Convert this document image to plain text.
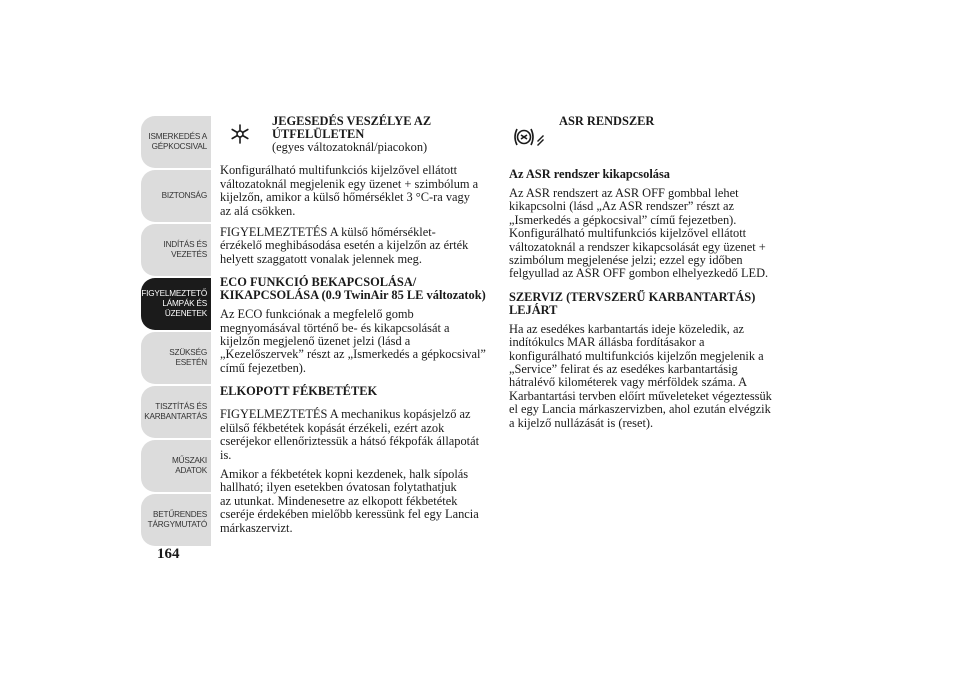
ISMERKEDÉS A
GÉPKOCSIVAL
BIZTONSÁG
INDÍTÁS ÉS
VEZETÉS
FIGYELMEZTETŐ
LÁMPÁK ÉS
ÜZENETEK
SZÜKSÉG ESETÉN
TISZTÍTÁS ÉS
KARBANTARTÁS
MŰSZAKI ADATOK
BETŰRENDES
TÁRGYMUTATÓ
164

JEGESEDÉS VESZÉLYE AZ
ÚTFELÜLETEN

(egyes változatoknál/piacokon)

Konfigurálható multifunkciós kijelzővel ellátott
változatoknál megjelenik egy üzenet + szimbólum a
kijelzőn, amikor a külső hőmérséklet 3 °C-ra vagy
az alá csökken.

FIGYELMEZTETÉS A külső hőmérséklet-
érzékelő meghibásodása esetén a kijelzőn az érték
helyett szaggatott vonalak jelennek meg.

ECO FUNKCIÓ BEKAPCSOLÁSA/
KIKAPCSOLÁSA (0.9 TwinAir 85 LE változatok)

Az ECO funkciónak a megfelelő gomb
megnyomásával történő be- és kikapcsolását a
kijelzőn megjelenő üzenet jelzi (lásd a
„Kezelőszervek” részt az „Ismerkedés a gépkocsival”
című fejezetben).

ELKOPOTT FÉKBETÉTEK

FIGYELMEZTETÉS A mechanikus kopásjelző az
elülső fékbetétek kopását érzékeli, ezért azok
cseréjekor ellenőriztessük a hátsó fékpofák állapotát
is.

Amikor a fékbetétek kopni kezdenek, halk sípolás
hallható; ilyen esetekben óvatosan folytathatjuk
az utunkat. Mindenesetre az elkopott fékbetétek
cseréje érdekében mielőbb keressünk fel egy Lancia
márkaszervizt.

ASR RENDSZER

Az ASR rendszer kikapcsolása

Az ASR rendszert az ASR OFF gombbal lehet
kikapcsolni (lásd „Az ASR rendszer” részt az
„Ismerkedés a gépkocsival” című fejezetben).
Konfigurálható multifunkciós kijelzővel ellátott
változatoknál a rendszer kikapcsolását egy üzenet +
szimbólum megjelenése jelzi; ezzel egy időben
felgyullad az ASR OFF gombon elhelyezkedő LED.

SZERVIZ (TERVSZERŰ KARBANTARTÁS)
LEJÁRT

Ha az esedékes karbantartás ideje közeledik, az
indítókulcs MAR állásba fordításakor a
konfigurálható multifunkciós kijelzőn megjelenik a
„Service” felirat és az esedékes karbantartásig
hátralévő kilométerek vagy mérföldek száma. A
Karbantartási tervben előírt műveleteket végeztessük
el egy Lancia márkaszervizben, ahol ezután elvégzik
a kijelző nullázását is (reset).
